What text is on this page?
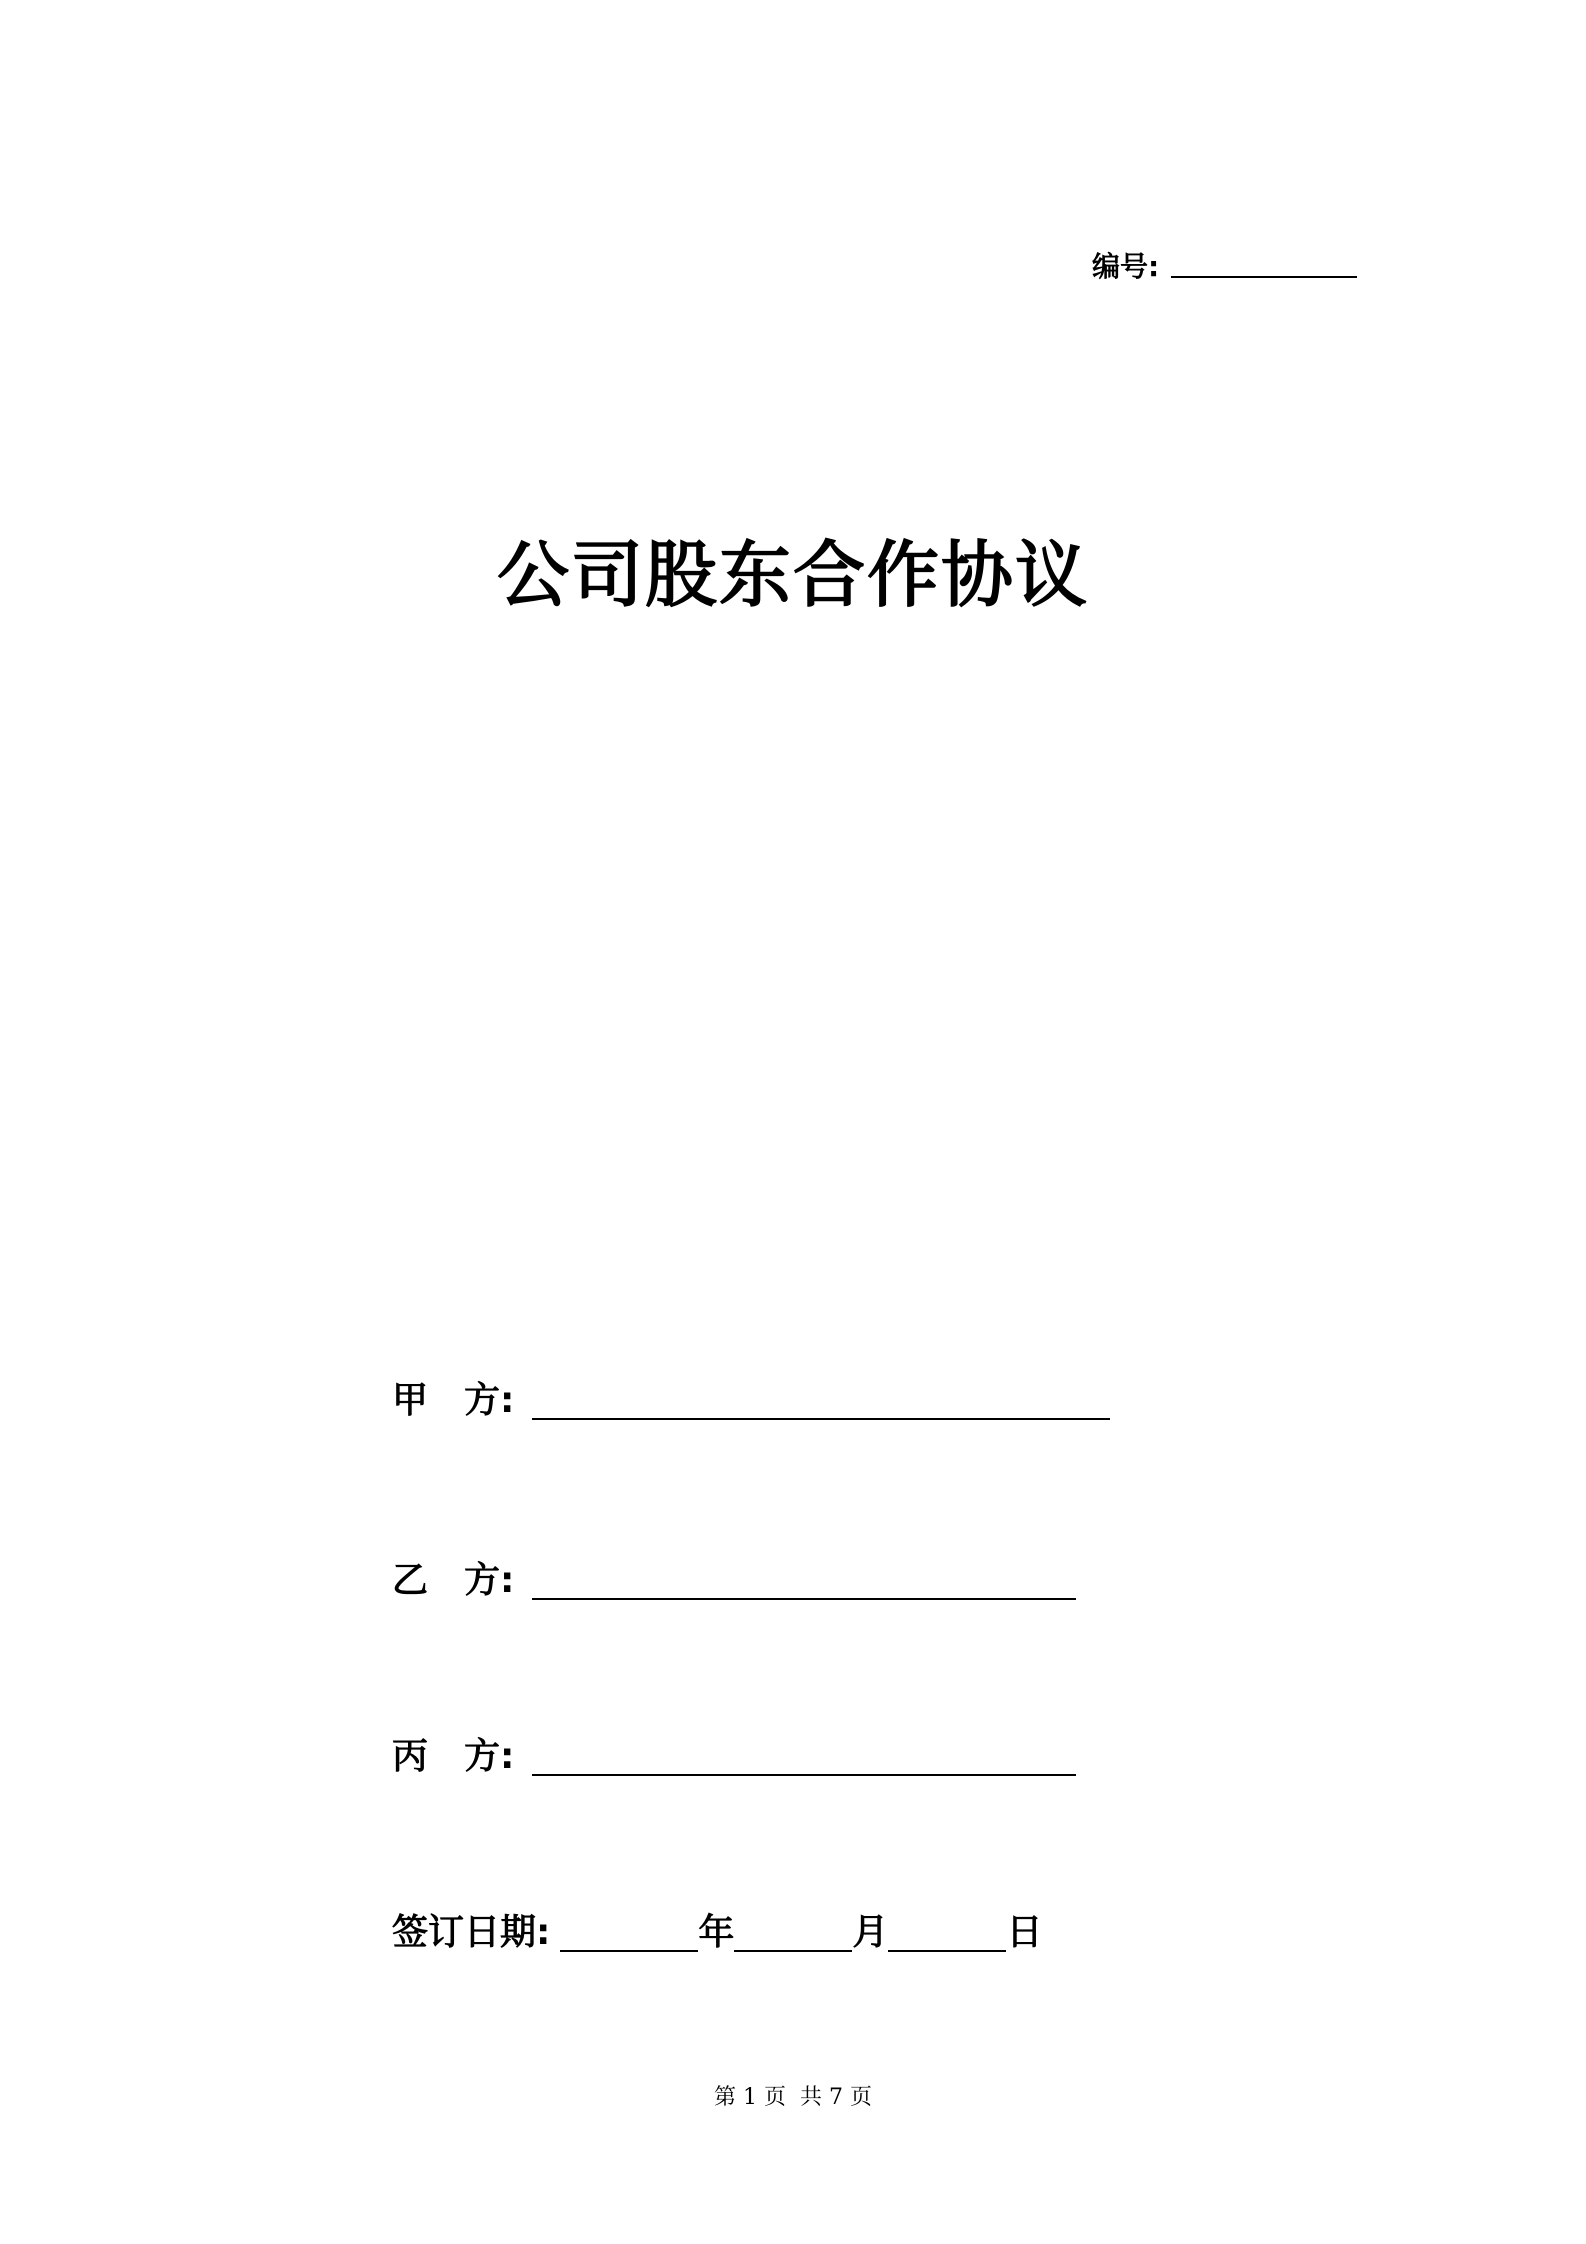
编号:
公司股东合作协议
甲　方:
乙　方:
丙　方:
签订日期:	年	月	日
第 1 页  共 7 页
